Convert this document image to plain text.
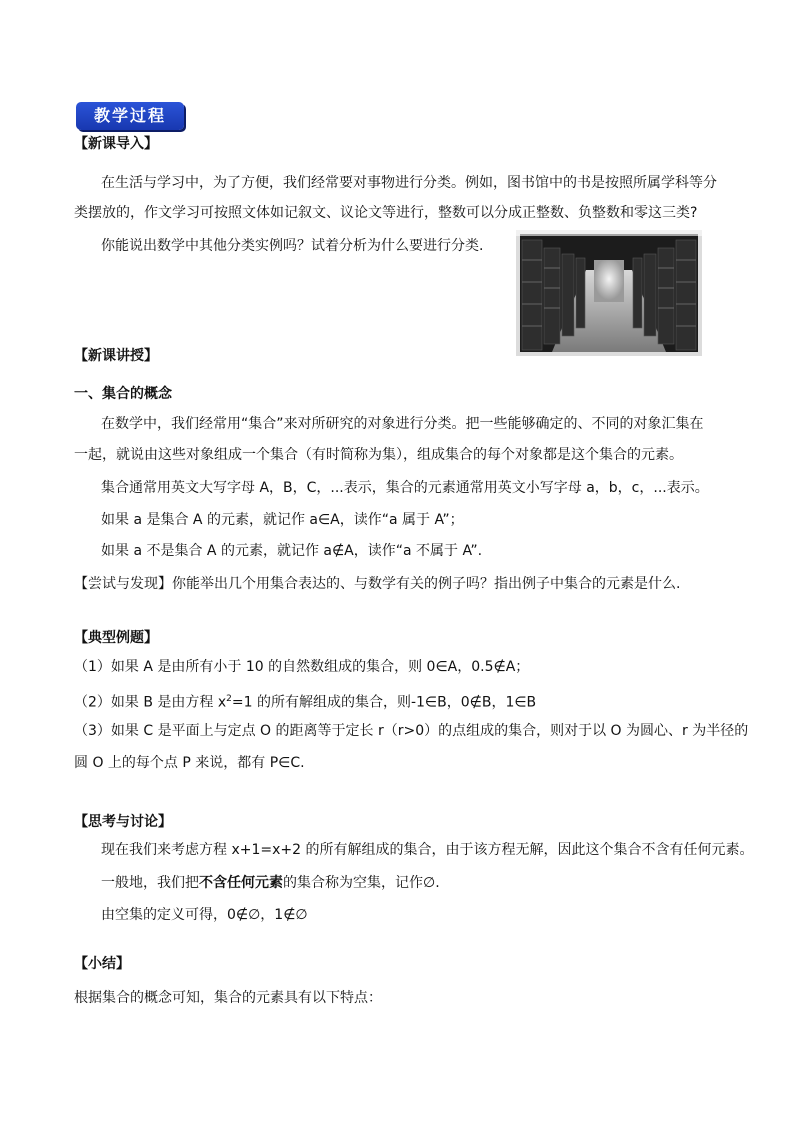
教学过程
【新课导入】
在生活与学习中，为了方便，我们经常要对事物进行分类。例如，图书馆中的书是按照所属学科等分
类摆放的，作文学习可按照文体如记叙文、议论文等进行，整数可以分成正整数、负整数和零这三类?
你能说出数学中其他分类实例吗？试着分析为什么要进行分类.
【新课讲授】
一、集合的概念
在数学中，我们经常用“集合”来对所研究的对象进行分类。把一些能够确定的、不同的对象汇集在
一起，就说由这些对象组成一个集合（有时简称为集），组成集合的每个对象都是这个集合的元素。
集合通常用英文大写字母 A，B，C，...表示，集合的元素通常用英文小写字母 a，b，c，...表示。
如果 a 是集合 A 的元素，就记作 a∈A，读作“a 属于 A”；
如果 a 不是集合 A 的元素，就记作 a∉A，读作“a 不属于 A”.
【尝试与发现】你能举出几个用集合表达的、与数学有关的例子吗？指出例子中集合的元素是什么.
【典型例题】
（1）如果 A 是由所有小于 10 的自然数组成的集合，则 0∈A，0.5∉A；
（2）如果 B 是由方程 $x^2=1$ 的所有解组成的集合，则-1∈B，0∉B，1∈B
（3）如果 C 是平面上与定点 O 的距离等于定长 r（r>0）的点组成的集合，则对于以 O 为圆心、r 为半径的
圆 O 上的每个点 P 来说，都有 P∈C.
【思考与讨论】
现在我们来考虑方程 x+1=x+2 的所有解组成的集合，由于该方程无解，因此这个集合不含有任何元素。
一般地，我们把不含任何元素的集合称为空集，记作∅.
由空集的定义可得，0∉∅，1∉∅
【小结】
根据集合的概念可知，集合的元素具有以下特点：
